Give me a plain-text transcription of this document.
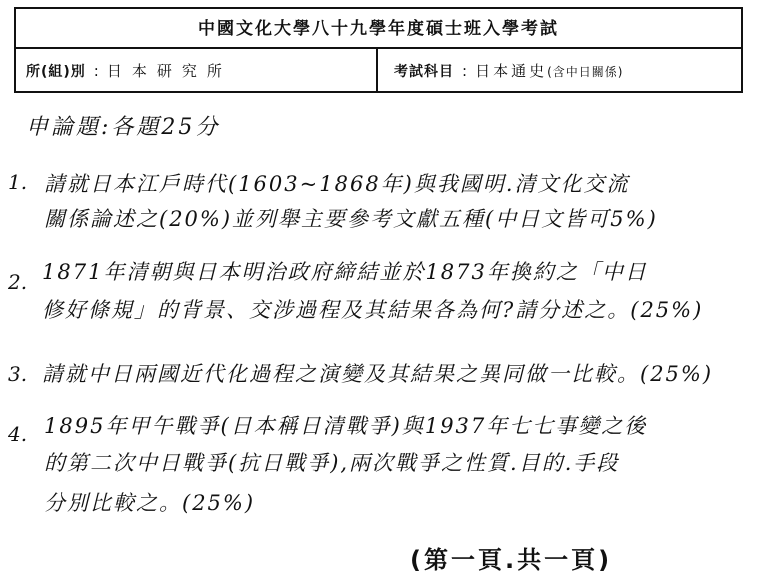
中國文化大學八十九學年度碩士班入學考試
所(組)別 : 日本研究所	考試科目 : 日本通史(含中日關係)
申論題:各題25分
1. 請就日本江戶時代(1603~1868年)與我國明.清文化交流
關係論述之(20%)並列舉主要參考文獻五種(中日文皆可5%)
2. 1871年清朝與日本明治政府締結並於1873年換約之「中日
修好條規」的背景、交涉過程及其結果各為何?請分述之。(25%)
3. 請就中日兩國近代化過程之演變及其結果之異同做一比較。(25%)
4. 1895年甲午戰爭(日本稱日清戰爭)與1937年七七事變之後
的第二次中日戰爭(抗日戰爭),兩次戰爭之性質.目的.手段
分別比較之。(25%)
(第一頁.共一頁)
